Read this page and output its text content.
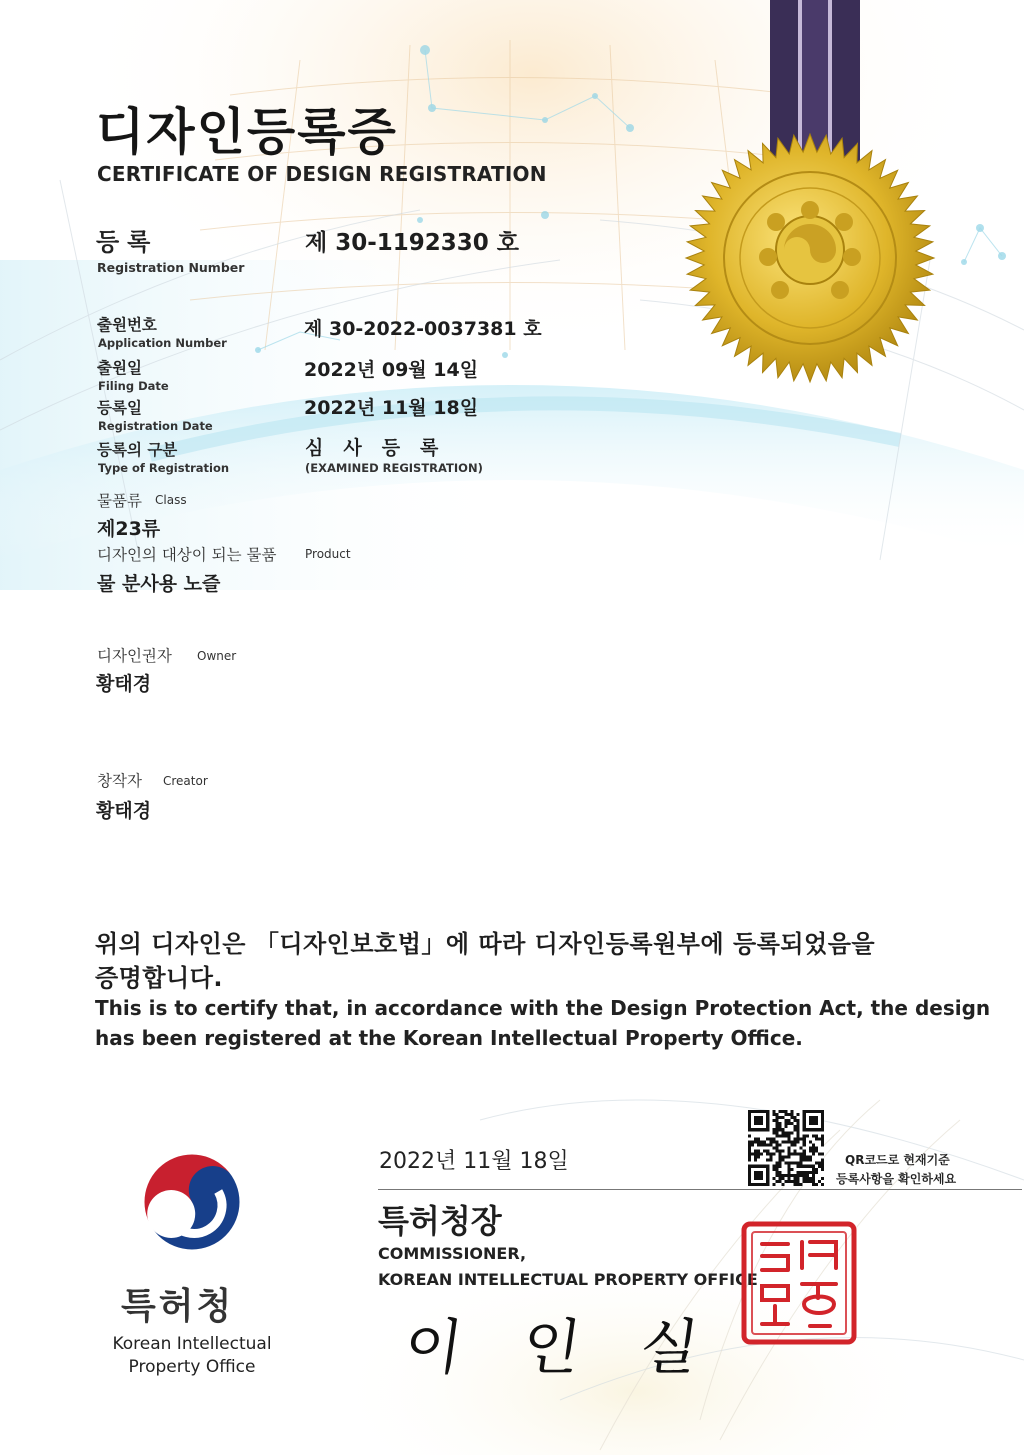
디자인등록증
CERTIFICATE OF DESIGN REGISTRATION
등록
Registration Number
제 30-1192330 호
출원번호
Application Number
제 30-2022-0037381 호
출원일
Filing Date
2022년 09월 14일
등록일
Registration Date
2022년 11월 18일
등록의 구분
Type of Registration
심사등록
(EXAMINED REGISTRATION)
물품류 Class
제23류
디자인의 대상이 되는 물품 Product
물 분사용 노즐
디자인권자 Owner
황태경
창작자 Creator
황태경
위의 디자인은 「디자인보호법」에 따라 디자인등록원부에 등록되었음을
증명합니다.
This is to certify that, in accordance with the Design Protection Act, the design
has been registered at the Korean Intellectual Property Office.
2022년 11월 18일	QR코드로 현재기준
등록사항을 확인하세요
특허청장
COMMISSIONER,
KOREAN INTELLECTUAL PROPERTY OFFICE
이인실
특허청
Korean Intellectual
Property Office
